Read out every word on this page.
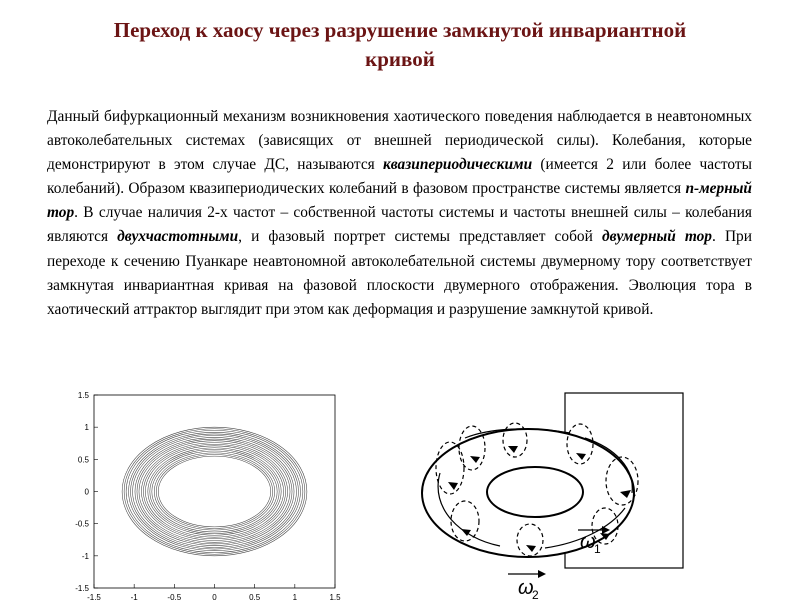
Переход к хаосу через разрушение замкнутой инвариантной кривой

Данный бифуркационный механизм возникновения хаотического поведения наблюдается в неавтономных автоколебательных системах (зависящих от внешней периодической силы). Колебания, которые демонстрируют в этом случае ДС, называются квазипериодическими (имеется 2 или более частоты колебаний). Образом квазипериодических колебаний в фазовом пространстве системы является n-мерный тор. В случае наличия 2-х частот – собственной частоты системы и частоты внешней силы – колебания являются двухчастотными, и фазовый портрет системы представляет собой двумерный тор. При переходе к сечению Пуанкаре неавтономной автоколебательной системы двумерному тору соответствует замкнутая инвариантная кривая на фазовой плоскости двумерного отображения. Эволюция тора в хаотический аттрактор выглядит при этом как деформация и разрушение замкнутой кривой.

1.5
1
0.5
0
-0.5
-1
-1.5
-1.5	-1	-0.5	0	0.5	1	1.5
ω
1
ω
2
